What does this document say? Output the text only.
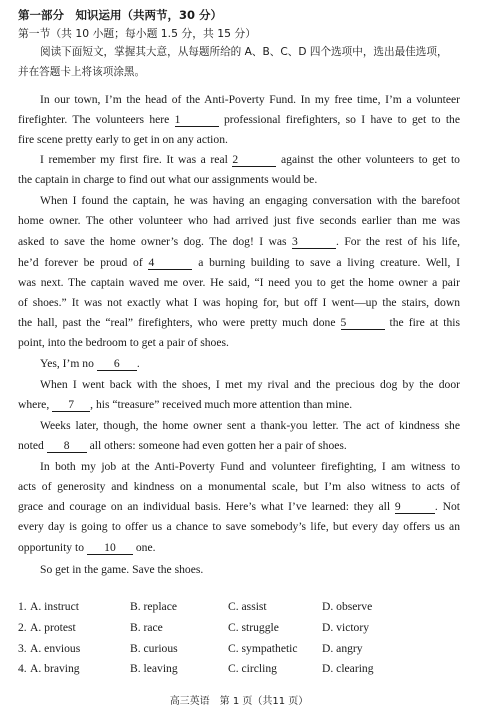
第一部分　知识运用（共两节，30 分）
第一节（共 10 小题；每小题 1.5 分，共 15 分）
阅读下面短文，掌握其大意，从每题所给的 A、B、C、D 四个选项中，选出最佳选项，
并在答题卡上将该项涂黑。
In our town, I’m the head of the Anti-Poverty Fund. In my free time, I’m a volunteer
firefighter. The volunteers here 1	professional firefighters, so I have to get to the
fire scene pretty early to get in on any action.
I remember my first fire. It was a real 2	against the other volunteers to get to
the captain in charge to find out what our assignments would be.
When I found the captain, he was having an engaging conversation with the barefoot
home owner. The other volunteer who had arrived just five seconds earlier than me was
asked to save the home owner’s dog. The dog! I was 3	. For the rest of his life,
he’d forever be proud of 4	a burning building to save a living creature. Well, I
was next. The captain waved me over. He said, “I need you to get the home owner a pair
of shoes.” It was not exactly what I was hoping for, but off I went—up the stairs, down
the hall, past the “real” firefighters, who were pretty much done 5	the fire at this
point, into the bedroom to get a pair of shoes.
Yes, I’m no 6 .
When I went back with the shoes, I met my rival and the precious dog by the door
where, 7 , his “treasure” received much more attention than mine.
Weeks later, though, the home owner sent a thank-you letter. The act of kindness she
noted 8 all others: someone had even gotten her a pair of shoes.
In both my job at the Anti-Poverty Fund and volunteer firefighting, I am witness to
acts of generosity and kindness on a monumental scale, but I’m also witness to acts of
grace and courage on an individual basis. Here’s what I’ve learned: they all 9	. Not
every day is going to offer us a chance to save somebody’s life, but every day offers us an
opportunity to 10 one.
So get in the game. Save the shoes.
1. A. instruct	B. replace	C. assist	D. observe
2. A. protest	B. race	C. struggle	D. victory
3. A. envious	B. curious	C. sympathetic D. angry
4. A. braving	B. leaving	C. circling	D. clearing
高三英语　第 1 页（共11 页）
